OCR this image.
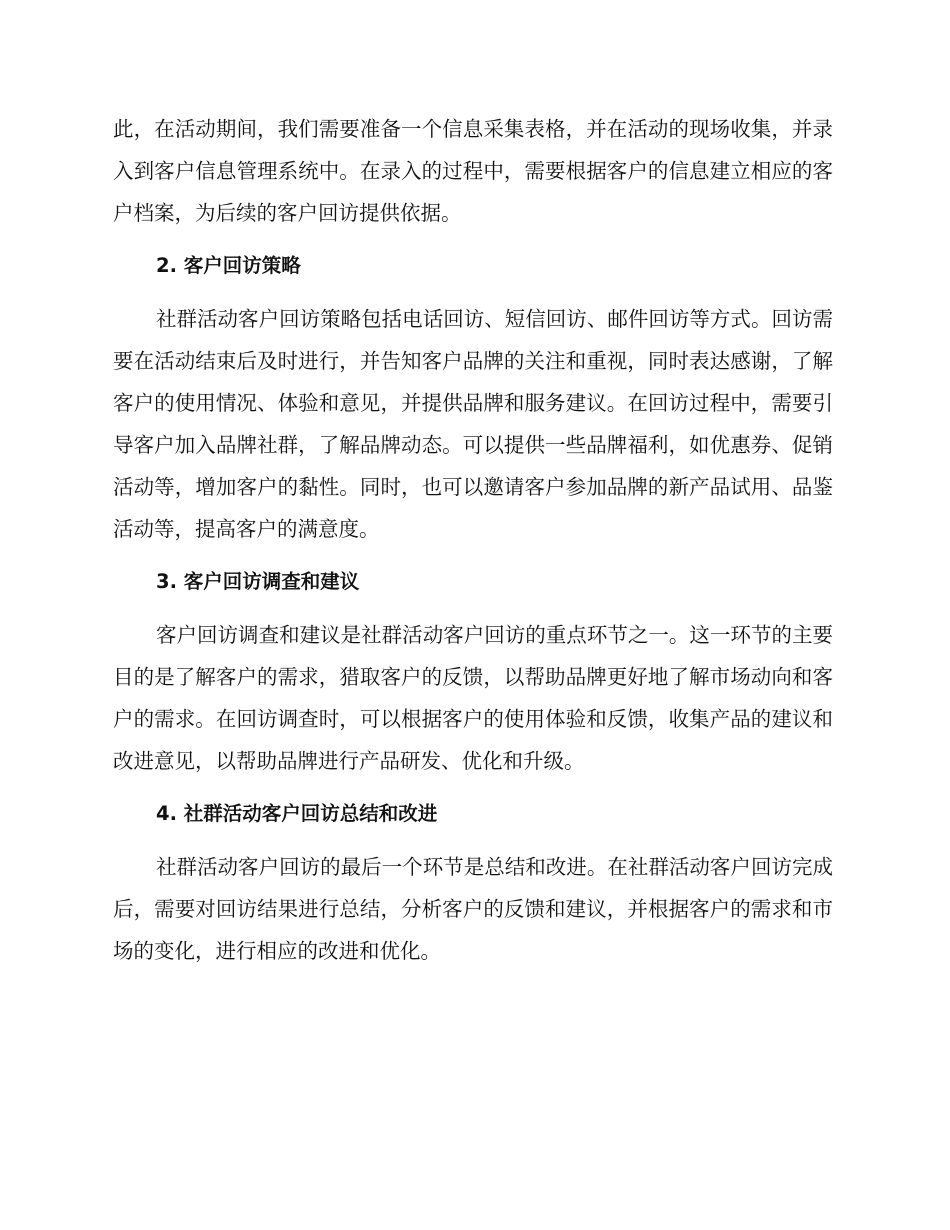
此，在活动期间，我们需要准备一个信息采集表格，并在活动的现场收集，并录入到客户信息管理系统中。在录入的过程中，需要根据客户的信息建立相应的客户档案，为后续的客户回访提供依据。

2. 客户回访策略

社群活动客户回访策略包括电话回访、短信回访、邮件回访等方式。回访需要在活动结束后及时进行，并告知客户品牌的关注和重视，同时表达感谢，了解客户的使用情况、体验和意见，并提供品牌和服务建议。在回访过程中，需要引导客户加入品牌社群，了解品牌动态。可以提供一些品牌福利，如优惠券、促销活动等，增加客户的黏性。同时，也可以邀请客户参加品牌的新产品试用、品鉴活动等，提高客户的满意度。

3. 客户回访调查和建议

客户回访调查和建议是社群活动客户回访的重点环节之一。这一环节的主要目的是了解客户的需求，猎取客户的反馈，以帮助品牌更好地了解市场动向和客户的需求。在回访调查时，可以根据客户的使用体验和反馈，收集产品的建议和改进意见，以帮助品牌进行产品研发、优化和升级。

4. 社群活动客户回访总结和改进

社群活动客户回访的最后一个环节是总结和改进。在社群活动客户回访完成后，需要对回访结果进行总结，分析客户的反馈和建议，并根据客户的需求和市场的变化，进行相应的改进和优化。
